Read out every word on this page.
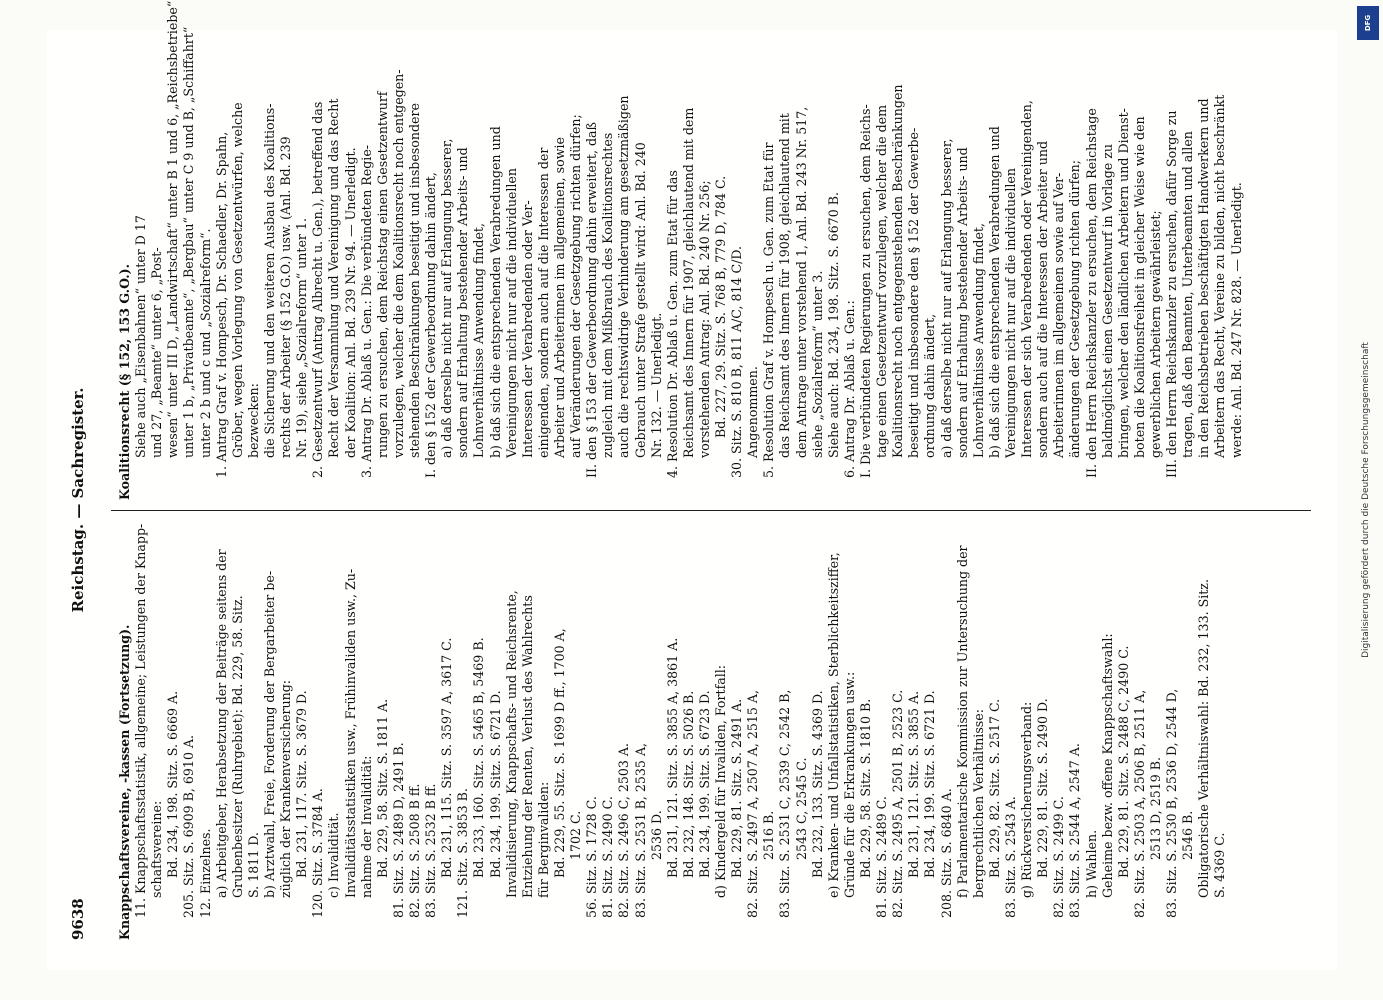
9638
Reichstag. — Sachregister.

Knappschaftsvereine, -kassen (Fortsetzung). 11. Knappschaftsstatistik, allgemeine; Leistungen der Knapp- schaftsvereine: Bd. 234, 198. Sitz. S. 6669 A. 205. Sitz. S. 6909 B, 6910 A. 12. Einzelnes. a) Arbeitgeber, Herabsetzung der Beiträge seitens der Grubenbesitzer (Ruhrgebiet): Bd. 229, 58. Sitz. S. 1811 D. b) Arztwahl, Freie, Forderung der Bergarbeiter be- züglich der Krankenversicherung: Bd. 231, 117. Sitz. S. 3679 D. 120. Sitz. S. 3784 A. c) Invalidität. Invaliditätsstatistiken usw., Frühinvaliden usw., Zu- nahme der Invalidität: Bd. 229, 58. Sitz. S. 1811 A. 81. Sitz. S. 2489 D, 2491 B. 82. Sitz. S. 2508 B ff. 83. Sitz. S. 2532 B ff. Bd. 231, 115. Sitz. S. 3597 A, 3617 C. 121. Sitz. S. 3853 B. Bd. 233, 160. Sitz. S. 5465 B, 5469 B. Bd. 234, 199. Sitz. S. 6721 D. Invalidisierung, Knappschafts- und Reichsrente, Entziehung der Renten, Verlust des Wahlrechts für Berginvaliden: Bd. 229, 55. Sitz. S. 1699 D ff., 1700 A, 1702 C. 56. Sitz. S. 1728 C. 81. Sitz. S. 2490 C. 82. Sitz. S. 2496 C, 2503 A. 83. Sitz. S. 2531 B, 2535 A, 2536 D. Bd. 231, 121. Sitz. S. 3855 A, 3861 A. Bd. 232, 148. Sitz. S. 5026 B. Bd. 234, 199. Sitz. S. 6723 D. d) Kindergeld für Invaliden, Fortfall: Bd. 229, 81. Sitz. S. 2491 A. 82. Sitz. S. 2497 A, 2507 A, 2515 A, 2516 B. 83. Sitz. S. 2531 C, 2539 C, 2542 B, 2543 C, 2545 C. Bd. 232, 133. Sitz. S. 4369 D. e) Kranken- und Unfallstatistiken, Sterblichkeitsziffer, Gründe für die Erkrankungen usw.: Bd. 229, 58. Sitz. S. 1810 B. 81. Sitz. S. 2489 C. 82. Sitz. S. 2495 A, 2501 B, 2523 C. Bd. 231, 121. Sitz. S. 3855 A. Bd. 234, 199. Sitz. S. 6721 D. 208. Sitz. S. 6840 A. f) Parlamentarische Kommission zur Untersuchung der bergrechtlichen Verhältnisse: Bd. 229, 82. Sitz. S. 2517 C. 83. Sitz. S. 2543 A. g) Rückversicherungsverband: Bd. 229, 81. Sitz. S. 2490 D. 82. Sitz. S. 2499 C. 83. Sitz. S. 2544 A, 2547 A. h) Wahlen. Geheime bezw. offene Knappschaftswahl: Bd. 229, 81. Sitz. S. 2488 C, 2490 C. 82. Sitz. S. 2503 A, 2506 B, 2511 A, 2513 D, 2519 B. 83. Sitz. S. 2530 B, 2536 D, 2544 D, 2546 B. Obligatorische Verhältniswahl: Bd. 232, 133. Sitz. S. 4369 C.

Koalitionsrecht (§ 152, 153 G.O.). Siehe auch „Eisenbahnen“ unter D 17 und 27, „Beamte“ unter 6, „Post- wesen“ unter III D, „Landwirtschaft“ unter B 1 und 6, „Reichsbetriebe“ unter 1 b, „Privatbeamte“, „Bergbau“ unter C 9 und B, „Schiffahrt“ unter 2 b und c und „Sozialreform“. 1. Antrag Graf v. Hompesch, Dr. Schaedler, Dr. Spahn, Gröber, wegen Vorlegung von Gesetzentwürfen, welche bezwecken: die Sicherung und den weiteren Ausbau des Koalitions- rechts der Arbeiter (§ 152 G.O.) usw. (Anl. Bd. 239 Nr. 19), siehe „Sozialreform“ unter 1. 2. Gesetzentwurf (Antrag Albrecht u. Gen.), betreffend das Recht der Versammlung und Vereinigung und das Recht der Koalition: Anl. Bd. 239 Nr. 94. — Unerledigt. 3. Antrag Dr. Ablaß u. Gen.: Die verbündeten Regie- rungen zu ersuchen, dem Reichstag einen Gesetzentwurf vorzulegen, welcher die dem Koalitionsrecht noch entgegen- stehenden Beschränkungen beseitigt und insbesondere I. den § 152 der Gewerbeordnung dahin ändert, a) daß derselbe nicht nur auf Erlangung besserer, sondern auf Erhaltung bestehender Arbeits- und Lohnverhältnisse Anwendung findet, b) daß sich die entsprechenden Verabredungen und Vereinigungen nicht nur auf die individuellen Interessen der Verabredenden oder Ver- einigenden, sondern auch auf die Interessen der Arbeiter und Arbeiterinnen im allgemeinen, sowie auf Veränderungen der Gesetzgebung richten dürfen; II. den § 153 der Gewerbeordnung dahin erweitert, daß zugleich mit dem Mißbrauch des Koalitionsrechtes auch die rechtswidrige Verhinderung am gesetzmäßigen Gebrauch unter Strafe gestellt wird: Anl. Bd. 240 Nr. 132. — Unerledigt. 4. Resolution Dr. Ablaß u. Gen. zum Etat für das Reichsamt des Innern für 1907, gleichlautend mit dem vorstehenden Antrag: Anl. Bd. 240 Nr. 256; Bd. 227, 29. Sitz. S. 768 B, 779 D, 784 C. 30. Sitz. S. 810 B, 811 A/C, 814 C/D. Angenommen. 5. Resolution Graf v. Hompesch u. Gen. zum Etat für das Reichsamt des Innern für 1908, gleichlautend mit dem Antrage unter vorstehend 1, Anl. Bd. 243 Nr. 517, siehe „Sozialreform“ unter 3. Siehe auch: Bd. 234, 198. Sitz. S. 6670 B. 6. Antrag Dr. Ablaß u. Gen.: I. Die verbündeten Regierungen zu ersuchen, dem Reichs- tage einen Gesetzentwurf vorzulegen, welcher die dem Koalitionsrecht noch entgegenstehenden Beschränkungen beseitigt und insbesondere den § 152 der Gewerbe- ordnung dahin ändert, a) daß derselbe nicht nur auf Erlangung besserer, sondern auf Erhaltung bestehender Arbeits- und Lohnverhältnisse Anwendung findet, b) daß sich die entsprechenden Verabredungen und Vereinigungen nicht nur auf die individuellen Interessen der sich Verabredenden oder Vereinigenden, sondern auch auf die Interessen der Arbeiter und Arbeiterinnen im allgemeinen sowie auf Ver- änderungen der Gesetzgebung richten dürfen; II. den Herrn Reichskanzler zu ersuchen, dem Reichstage baldmöglichst einen Gesetzentwurf in Vorlage zu bringen, welcher den ländlichen Arbeitern und Dienst- boten die Koalitionsfreiheit in gleicher Weise wie den gewerblichen Arbeitern gewährleistet; III. den Herrn Reichskanzler zu ersuchen, dafür Sorge zu tragen, daß den Beamten, Unterbeamten und allen in den Reichsbetrieben beschäftigten Handwerkern und Arbeitern das Recht, Vereine zu bilden, nicht beschränkt werde: Anl. Bd. 247 Nr. 828. — Unerledigt.

Digitalisierung gefördert durch die Deutsche Forschungsgemeinschaft
DFG
